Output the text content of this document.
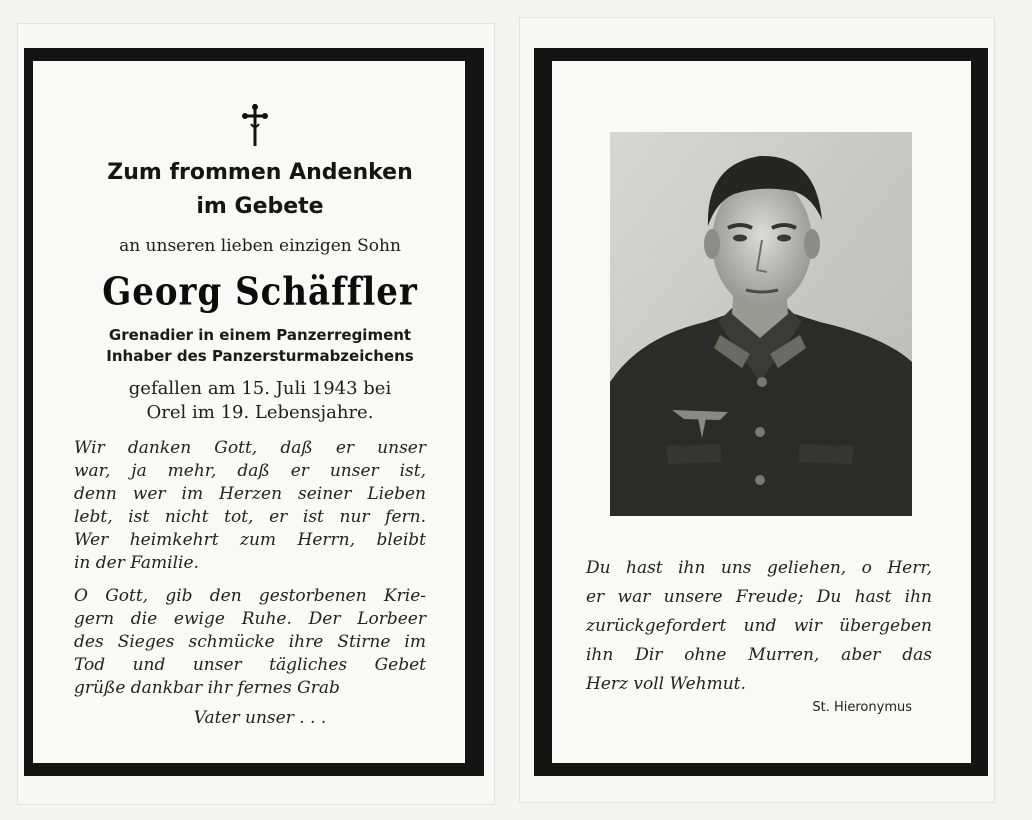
Zum frommen Andenken
im Gebete
an unseren lieben einzigen Sohn
Georg Schäffler
Grenadier in einem Panzerregiment
Inhaber des Panzersturmabzeichens
gefallen am 15. Juli 1943 bei
Orel im 19. Lebensjahre.
Wir danken Gott, daß er unser
war, ja mehr, daß er unser ist,
denn wer im Herzen seiner Lieben
lebt, ist nicht tot, er ist nur fern.
Wer heimkehrt zum Herrn, bleibt
in der Familie.
O Gott, gib den gestorbenen Krie-
gern die ewige Ruhe. Der Lorbeer
des Sieges schmücke ihre Stirne im
Tod und unser tägliches Gebet
grüße dankbar ihr fernes Grab
Vater unser . . .
Du hast ihn uns geliehen, o Herr,
er war unsere Freude; Du hast ihn
zurückgefordert und wir übergeben
ihn Dir ohne Murren, aber das
Herz voll Wehmut.
St. Hieronymus
